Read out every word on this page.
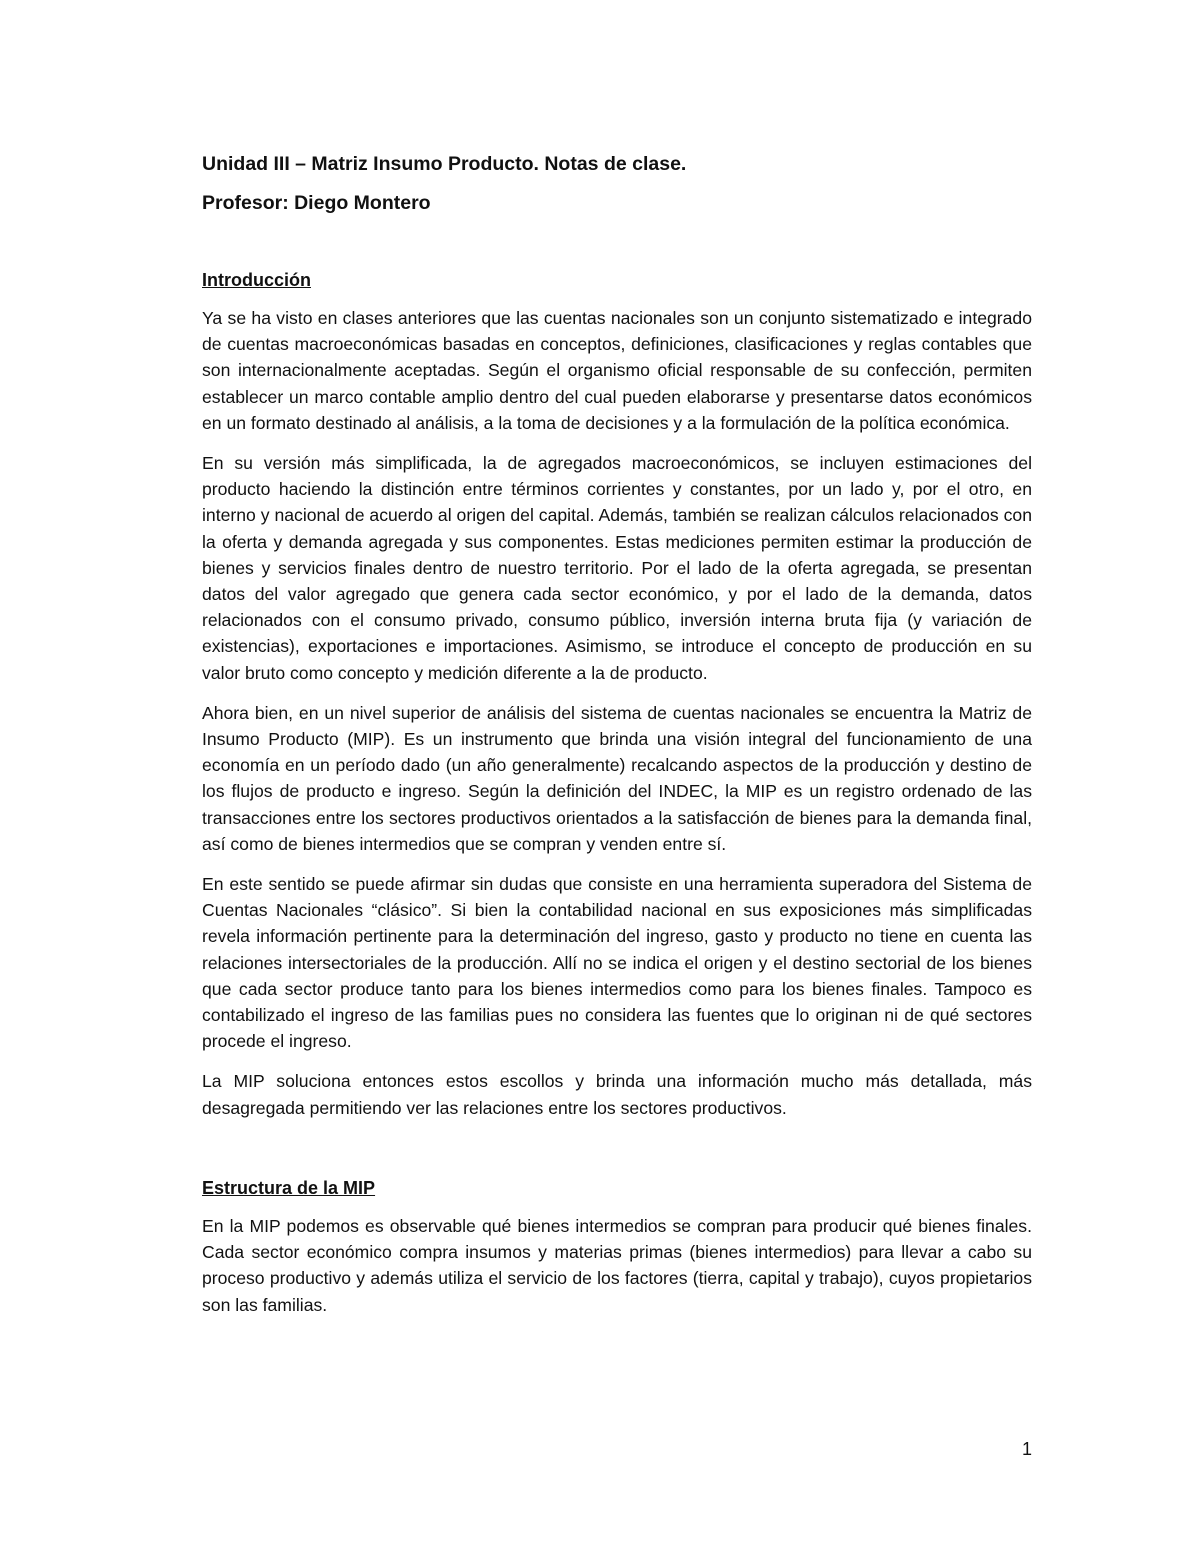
Unidad III – Matriz Insumo Producto. Notas de clase.
Profesor: Diego Montero
Introducción

Ya se ha visto en clases anteriores que las cuentas nacionales son un conjunto sistematizado e integrado de cuentas macroeconómicas basadas en conceptos, definiciones, clasificaciones y reglas contables que son internacionalmente aceptadas. Según el organismo oficial responsable de su confección, permiten establecer un marco contable amplio dentro del cual pueden elaborarse y presentarse datos económicos en un formato destinado al análisis, a la toma de decisiones y a la formulación de la política económica.

En su versión más simplificada, la de agregados macroeconómicos, se incluyen estimaciones del producto haciendo la distinción entre términos corrientes y constantes, por un lado y, por el otro, en interno y nacional de acuerdo al origen del capital. Además, también se realizan cálculos relacionados con la oferta y demanda agregada y sus componentes. Estas mediciones permiten estimar la producción de bienes y servicios finales dentro de nuestro territorio. Por el lado de la oferta agregada, se presentan datos del valor agregado que genera cada sector económico, y por el lado de la demanda, datos relacionados con el consumo privado, consumo público, inversión interna bruta fija (y variación de existencias), exportaciones e importaciones. Asimismo, se introduce el concepto de producción en su valor bruto como concepto y medición diferente a la de producto.

Ahora bien, en un nivel superior de análisis del sistema de cuentas nacionales se encuentra la Matriz de Insumo Producto (MIP). Es un instrumento que brinda una visión integral del funcionamiento de una economía en un período dado (un año generalmente) recalcando aspectos de la producción y destino de los flujos de producto e ingreso. Según la definición del INDEC, la MIP es un registro ordenado de las transacciones entre los sectores productivos orientados a la satisfacción de bienes para la demanda final, así como de bienes intermedios que se compran y venden entre sí.

En este sentido se puede afirmar sin dudas que consiste en una herramienta superadora del Sistema de Cuentas Nacionales “clásico”. Si bien la contabilidad nacional en sus exposiciones más simplificadas revela información pertinente para la determinación del ingreso, gasto y producto no tiene en cuenta las relaciones intersectoriales de la producción. Allí no se indica el origen y el destino sectorial de los bienes que cada sector produce tanto para los bienes intermedios como para los bienes finales. Tampoco es contabilizado el ingreso de las familias pues no considera las fuentes que lo originan ni de qué sectores procede el ingreso.

La MIP soluciona entonces estos escollos y brinda una información mucho más detallada, más desagregada permitiendo ver las relaciones entre los sectores productivos.

Estructura de la MIP

En la MIP podemos es observable qué bienes intermedios se compran para producir qué bienes finales. Cada sector económico compra insumos y materias primas (bienes intermedios) para llevar a cabo su proceso productivo y además utiliza el servicio de los factores (tierra, capital y trabajo), cuyos propietarios son las familias.

1
